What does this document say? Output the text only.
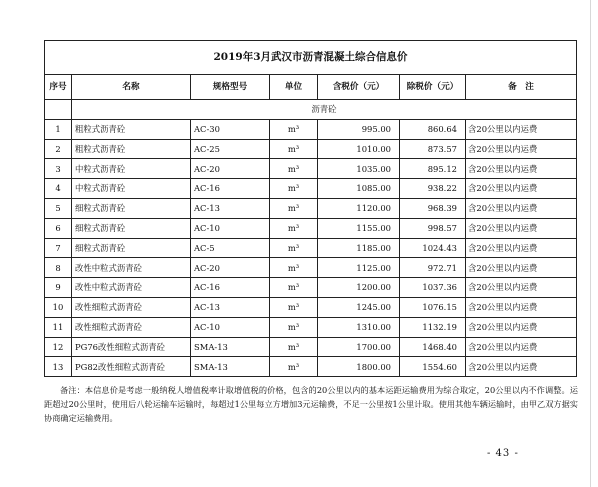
2019年3月武汉市沥青混凝土综合信息价						
序号	名称	规格型号	单位	含税价（元）	除税价（元）	备　注
	沥青砼					
1	粗粒式沥青砼	AC-30	m³	995.00	860.64	含20公里以内运费
2	粗粒式沥青砼	AC-25	m³	1010.00	873.57	含20公里以内运费
3	中粒式沥青砼	AC-20	m³	1035.00	895.12	含20公里以内运费
4	中粒式沥青砼	AC-16	m³	1085.00	938.22	含20公里以内运费
5	细粒式沥青砼	AC-13	m³	1120.00	968.39	含20公里以内运费
6	细粒式沥青砼	AC-10	m³	1155.00	998.57	含20公里以内运费
7	细粒式沥青砼	AC-5	m³	1185.00	1024.43	含20公里以内运费
8	改性中粒式沥青砼	AC-20	m³	1125.00	972.71	含20公里以内运费
9	改性中粒式沥青砼	AC-16	m³	1200.00	1037.36	含20公里以内运费
10	改性细粒式沥青砼	AC-13	m³	1245.00	1076.15	含20公里以内运费
11	改性细粒式沥青砼	AC-10	m³	1310.00	1132.19	含20公里以内运费
12	PG76改性细粒式沥青砼	SMA-13	m³	1700.00	1468.40	含20公里以内运费
13	PG82改性细粒式沥青砼	SMA-13	m³	1800.00	1554.60	含20公里以内运费
备注：本信息价是考虑一般纳税人增值税率计取增值税的价格，包含的20公里以内的基本运距运输费用为综合取定，20公里以内不作调整。运距超过20公里时，使用后八轮运输车运输时，每超过1公里每立方增加3元运输费，不足一公里按1公里计取。使用其他车辆运输时，由甲乙双方据实协商确定运输费用。
- 43 -
